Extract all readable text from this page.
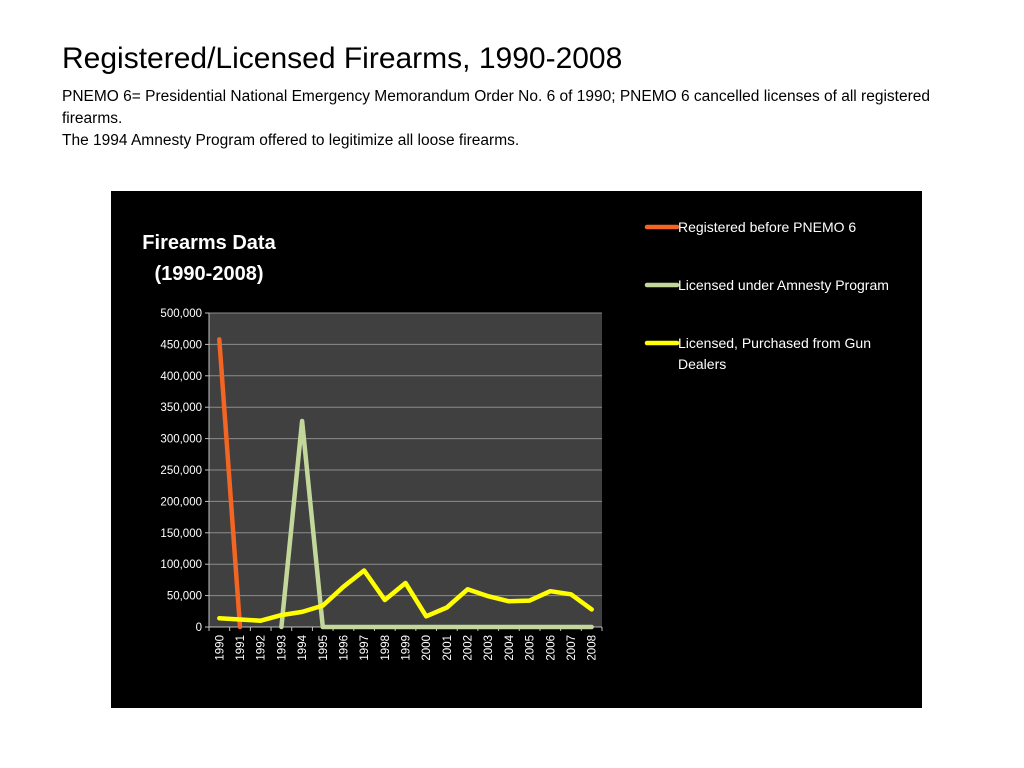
Registered/Licensed Firearms, 1990-2008

PNEMO 6= Presidential National Emergency Memorandum Order No. 6 of 1990; PNEMO 6 cancelled licenses of all registered firearms.

The 1994 Amnesty Program offered to legitimize all loose firearms.

Firearms Data
(1990-2008)
0
50,000
100,000
150,000
200,000
250,000
300,000
350,000
400,000
450,000
500,000
1990 1991 1992 1993 1994 1995 1996 1997 1998 1999 2000 2001 2002 2003 2004 2005 2006 2007 2008
Registered before PNEMO 6
Licensed under Amnesty Program
Licensed, Purchased from Gun Dealers
